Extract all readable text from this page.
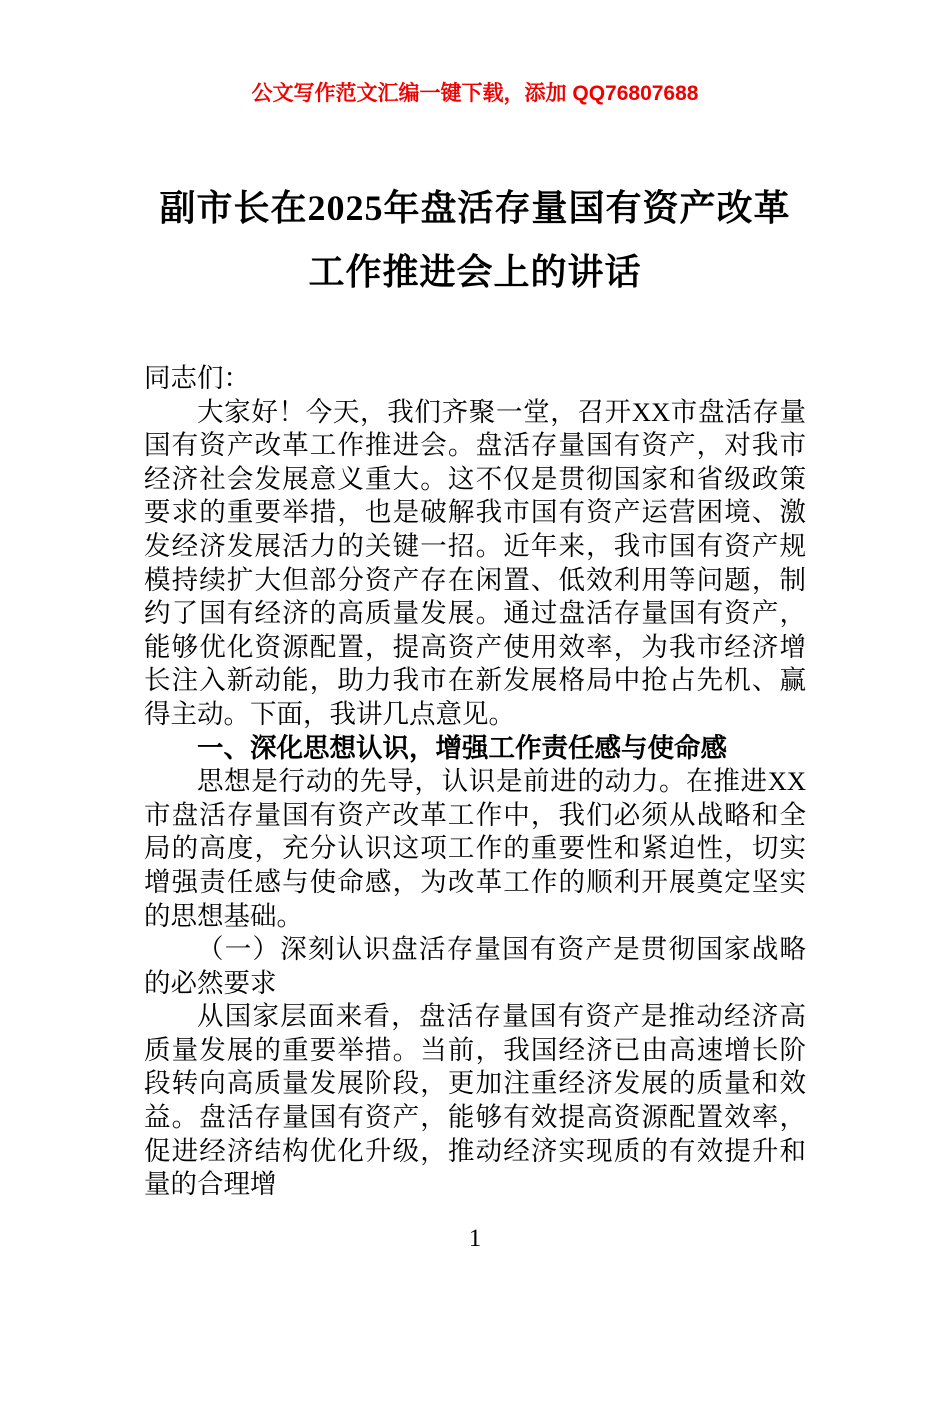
公文写作范文汇编一键下载，添加 QQ76807688
副市长在2025年盘活存量国有资产改革工作推进会上的讲话

同志们：

大家好！今天，我们齐聚一堂，召开XX市盘活存量国有资产改革工作推进会。盘活存量国有资产，对我市经济社会发展意义重大。这不仅是贯彻国家和省级政策要求的重要举措，也是破解我市国有资产运营困境、激发经济发展活力的关键一招。近年来，我市国有资产规模持续扩大但部分资产存在闲置、低效利用等问题，制约了国有经济的高质量发展。通过盘活存量国有资产，能够优化资源配置，提高资产使用效率，为我市经济增长注入新动能，助力我市在新发展格局中抢占先机、赢得主动。下面，我讲几点意见。

一、深化思想认识，增强工作责任感与使命感

思想是行动的先导，认识是前进的动力。在推进XX市盘活存量国有资产改革工作中，我们必须从战略和全局的高度，充分认识这项工作的重要性和紧迫性，切实增强责任感与使命感，为改革工作的顺利开展奠定坚实的思想基础。

（一）深刻认识盘活存量国有资产是贯彻国家战略的必然要求

从国家层面来看，盘活存量国有资产是推动经济高质量发展的重要举措。当前，我国经济已由高速增长阶段转向高质量发展阶段，更加注重经济发展的质量和效益。盘活存量国有资产，能够有效提高资源配置效率，促进经济结构优化升级，推动经济实现质的有效提升和量的合理增

1
